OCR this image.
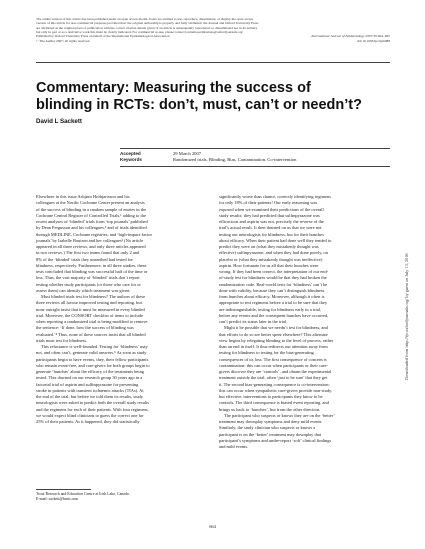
The online version of this article has been published under an open access model. Users are entitled to use, reproduce, disseminate, or display the open access
version of this article for non-commercial purposes provided that: the original authorship is properly and fully attributed; the Journal and Oxford University Press
are attributed as the original place of publication with the correct citation details given; if an article is subsequently reproduced or disseminated not in its entirety
but only in part or as a derivative work this must be clearly indicated. For commercial re-use, please contact journals.permissions@oxfordjournals.org
Published by Oxford University Press on behalf of the International Epidemiological Association	International Journal of Epidemiology 2007;36:664–665
© The Author 2007; all rights reserved.	doi:10.1093/ije/dym088
Commentary: Measuring the success of
blinding in RCTs: don’t, must, can’t or needn’t?
David L Sackett
Accepted	29 March 2007
Keywords	Randomized trials, Blinding, Bias, Contamination, Co-intervention
Elsewhere in this issue Asbjørn Hróbjartsson and his
colleagues at the Nordic Cochrane Center present an analysis
of the success of blinding in a random sample of entries in the
Cochrane Central Register of Controlled Trials,¹ adding to the
recent analyses of ‘blinded’ trials from ‘top journals’ published
by Dean Fergusson and his colleagues,² and of trials identified
through MEDLINE, Cochrane registries, and ‘high-impact-factor
journals’ by Isabelle Boutron and her colleagues³ (No article
appeared in all three reviews, and only three articles appeared
in two reviews.) The first two teams found that only 2 and
8% of the ‘blinded’ trials they unearthed had tested for
blindness, respectively. Furthermore, in all three studies, these
tests concluded that blinding was successful half of the time or
less. Thus, the vast majority of ‘blinded’ trials don’t report
testing whether study participants (or those who care for or
assess them) can identify which treatment was given.
Must blinded trials test for blindness? The authors of these
three reviews all favour improved testing and reporting, but
none outright insist that it must be measured in every blinded
trial. Moreover, the CONSORT checklist of items to include
when reporting a randomized trial is being modified to remove
the sentence: ‘If done, how the success of blinding was
evaluated.’⁴ Thus, none of these sources insist that all blinded
trials must test for blindness.
This reluctance is well-founded. Testing for ‘blindness’ may
not, and often can’t, generate valid answers.⁵ As soon as study
participants begin to have events, they, their fellow participants
who remain event-free, and care-givers for both groups begin to
generate ‘hunches’ about the efficacy of the treatments being
tested. This dawned on our research group 30 years ago in a
factorial trial of aspirin and sulfinpyrazone for preventing
stroke in patients with transient ischaemic attacks (TIAs). At
the end of the trial, but before we told them its results, study
neurologists were asked to predict both the overall study results
and the regimens for each of their patients. With four regimens,
we would expect blind clinicians to guess the correct one for
25% of their patients. As it happened, they did statistically
significantly worse than chance, correctly identifying regimens
for only 18% of their patients! Our early reasoning was
exposed when we examined their predictions of the overall
study results: they had predicted that sulfinpyrazone was
efficacious and aspirin was not, precisely the reverse of the
trial’s actual result. It then dawned on us that we were not
testing our neurologists for blindness, but for their hunches
about efficacy. When their patient had done well they tended to
predict they were on (what they mistakenly thought was
effective) sulfinpyrazone, and when they had done poorly, on
placebo or (what they mistakenly thought was ineffective)
aspirin. How fortunate for us all that their hunches were
wrong. If they had been correct, the interpretation of our end-
of-study test for blindness would be that they had broken the
randomization code. Real-world tests for ‘blindness’ can’t be
done with validity, because they can’t distinguish blindness
from hunches about efficacy. Moreover, although it often is
appropriate to test regimens before a trial to be sure that they
are indistinguishable, testing for blindness early in a trial,
before any events and the consequent hunches have occurred,
can’t predict its status later in the trial.
Might it be possible that we needn’t test for blindness, and
that efforts to do so are better spent elsewhere? This alternate
view begins by relegating blinding to the level of process, rather
than an end in itself. It thus redirects our attention away from
testing for blindness to testing for the bias-generating
consequences of its loss. The first consequence of concern is
contamination: this can occur when participants or their care-
givers discover they are ‘controls’, and obtain the experimental
treatment outside the trial, often ‘just to be sure’ that they get
it. The second bias-generating consequence is co-intervention:
this can occur when sympathetic care-givers provide non-study,
but effective, interventions to participants they know to be
controls. The third consequence is biased event reporting, and
brings us back to ‘hunches’, but from the other direction.
The participant who suspects or knows they are on the ‘better’
treatment may downplay symptoms and deny mild events.
Similarly, the study clinician who suspects or knows a
participant is on the ‘better’ treatment may downplay that
participant’s symptoms and under-report ‘soft’ clinical findings
and mild events.
Trout Research and Education Centre at Irish Lake, Canada.
E-mail: sackett@bmts.com
664
Downloaded from http://ije.oxfordjournals.org/ by guest on July 13, 2016
